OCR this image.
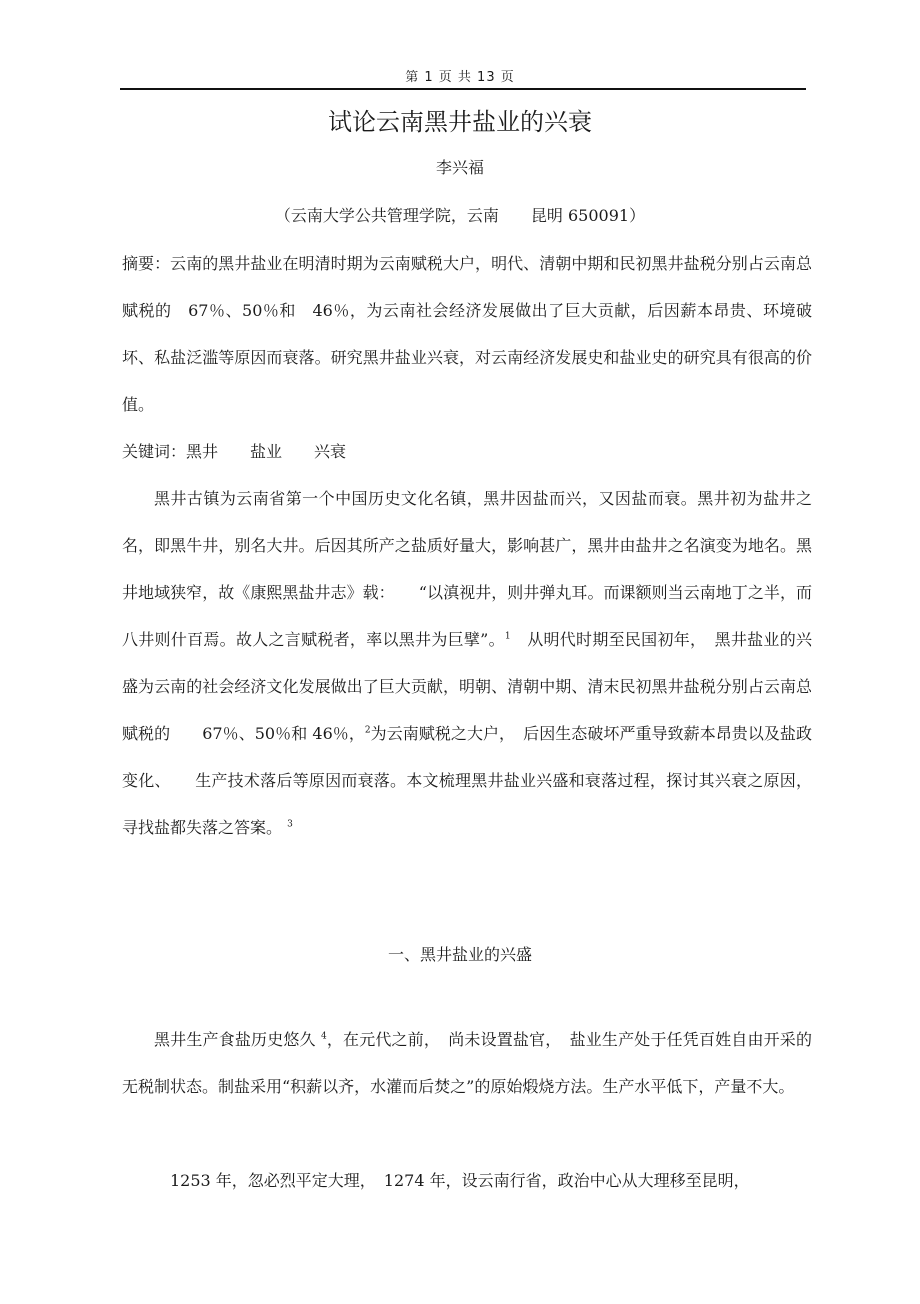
第 1 页 共 13 页
试论云南黑井盐业的兴衰
李兴福
（云南大学公共管理学院，云南　　昆明 650091）
摘要：云南的黑井盐业在明清时期为云南赋税大户，明代、清朝中期和民初黑井盐税分别占云南总赋税的　67％、50％和　46％，为云南社会经济发展做出了巨大贡献，后因薪本昂贵、环境破坏、私盐泛滥等原因而衰落。研究黑井盐业兴衰，对云南经济发展史和盐业史的研究具有很高的价值。
关键词：黑井　　盐业　　兴衰
黑井古镇为云南省第一个中国历史文化名镇，黑井因盐而兴，又因盐而衰。黑井初为盐井之名，即黑牛井，别名大井。后因其所产之盐质好量大，影响甚广，黑井由盐井之名演变为地名。黑井地域狭窄，故《康熙黑盐井志》载：　　“以滇视井，则井弹丸耳。而课额则当云南地丁之半，而八井则什百焉。故人之言赋税者，率以黑井为巨擘”。$^1$　从明代时期至民国初年，　黑井盐业的兴盛为云南的社会经济文化发展做出了巨大贡献，明朝、清朝中期、清末民初黑井盐税分别占云南总赋税的　　67％、50％和 46％，$^2$为云南赋税之大户，　后因生态破坏严重导致薪本昂贵以及盐政变化、　　生产技术落后等原因而衰落。本文梳理黑井盐业兴盛和衰落过程，探讨其兴衰之原因，寻找盐都失落之答案。 $^3$
一、黑井盐业的兴盛
黑井生产食盐历史悠久 $^4$，在元代之前，　尚未设置盐官，　盐业生产处于任凭百姓自由开采的无税制状态。制盐采用“积薪以齐，水灌而后焚之”的原始煅烧方法。生产水平低下，产量不大。
1253 年，忽必烈平定大理，　1274 年，设云南行省，政治中心从大理移至昆明，
